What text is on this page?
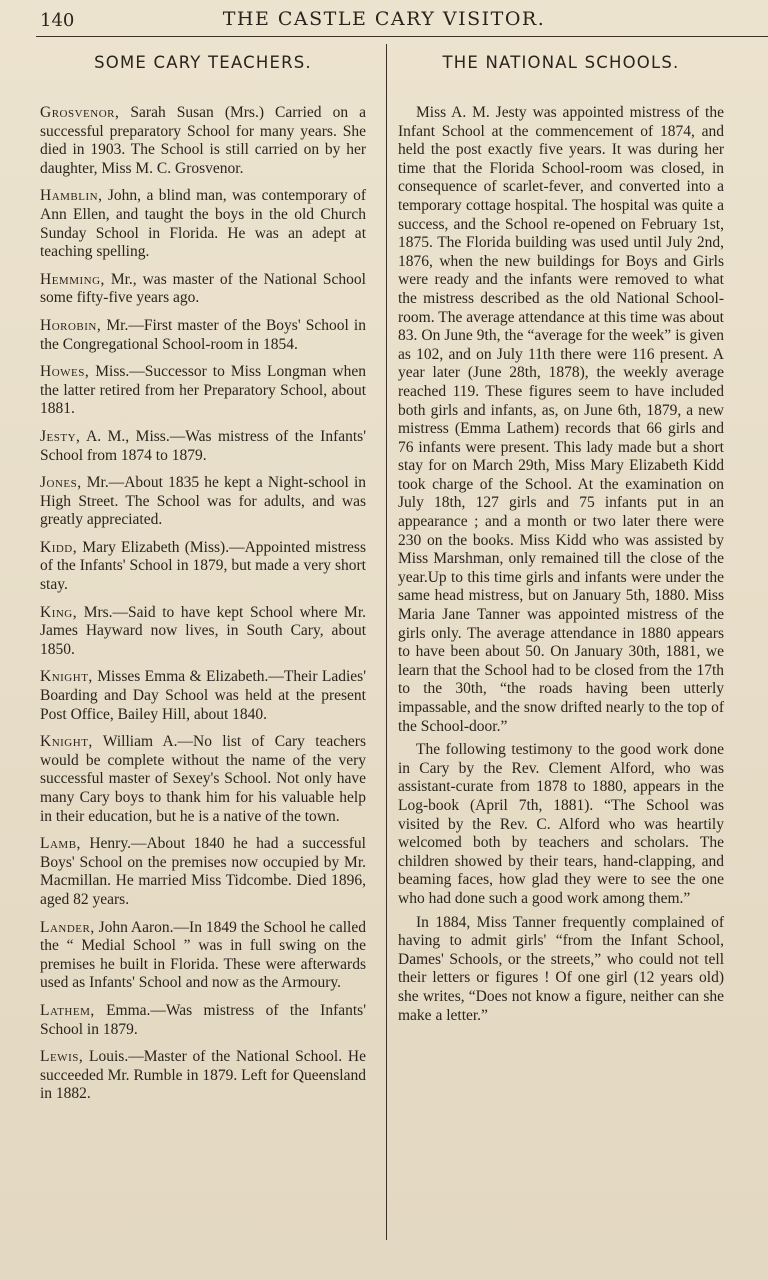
140	THE CASTLE CARY VISITOR.
SOME CARY TEACHERS.

Grosvenor, Sarah Susan (Mrs.) Carried on a successful preparatory School for many years. She died in 1903. The School is still carried on by her daughter, Miss M. C. Grosvenor.

Hamblin, John, a blind man, was contemporary of Ann Ellen, and taught the boys in the old Church Sunday School in Florida. He was an adept at teaching spelling.

Hemming, Mr., was master of the National School some fifty-five years ago.

Horobin, Mr.—First master of the Boys' School in the Congregational School-room in 1854.

Howes, Miss.—Successor to Miss Longman when the latter retired from her Preparatory School, about 1881.

Jesty, A. M., Miss.—Was mistress of the Infants' School from 1874 to 1879.

Jones, Mr.—About 1835 he kept a Night-school in High Street. The School was for adults, and was greatly appreciated.

Kidd, Mary Elizabeth (Miss).—Appointed mistress of the Infants' School in 1879, but made a very short stay.

King, Mrs.—Said to have kept School where Mr. James Hayward now lives, in South Cary, about 1850.

Knight, Misses Emma & Elizabeth.—Their Ladies' Boarding and Day School was held at the present Post Office, Bailey Hill, about 1840.

Knight, William A.—No list of Cary teachers would be complete without the name of the very successful master of Sexey's School. Not only have many Cary boys to thank him for his valuable help in their education, but he is a native of the town.

Lamb, Henry.—About 1840 he had a successful Boys' School on the premises now occupied by Mr. Macmillan. He married Miss Tidcombe. Died 1896, aged 82 years.

Lander, John Aaron.—In 1849 the School he called the “ Medial School ” was in full swing on the premises he built in Florida. These were afterwards used as Infants' School and now as the Armoury.

Lathem, Emma.—Was mistress of the Infants' School in 1879.

Lewis, Louis.—Master of the National School. He succeeded Mr. Rumble in 1879. Left for Queensland in 1882.

THE NATIONAL SCHOOLS.

Miss A. M. Jesty was appointed mistress of the Infant School at the commencement of 1874, and held the post exactly five years. It was during her time that the Florida School-room was closed, in consequence of scarlet-fever, and converted into a temporary cottage hospital. The hospital was quite a success, and the School re-opened on February 1st, 1875. The Florida building was used until July 2nd, 1876, when the new buildings for Boys and Girls were ready and the infants were removed to what the mistress described as the old National School-room. The average attendance at this time was about 83. On June 9th, the “average for the week” is given as 102, and on July 11th there were 116 present. A year later (June 28th, 1878), the weekly average reached 119. These figures seem to have included both girls and infants, as, on June 6th, 1879, a new mistress (Emma Lathem) records that 66 girls and 76 infants were present. This lady made but a short stay for on March 29th, Miss Mary Elizabeth Kidd took charge of the School. At the examination on July 18th, 127 girls and 75 infants put in an appearance ; and a month or two later there were 230 on the books. Miss Kidd who was assisted by Miss Marshman, only remained till the close of the year.Up to this time girls and infants were under the same head mistress, but on January 5th, 1880. Miss Maria Jane Tanner was appointed mistress of the girls only. The average attendance in 1880 appears to have been about 50. On January 30th, 1881, we learn that the School had to be closed from the 17th to the 30th, “the roads having been utterly impassable, and the snow drifted nearly to the top of the School-door.”

The following testimony to the good work done in Cary by the Rev. Clement Alford, who was assistant-curate from 1878 to 1880, appears in the Log-book (April 7th, 1881). “The School was visited by the Rev. C. Alford who was heartily welcomed both by teachers and scholars. The children showed by their tears, hand-clapping, and beaming faces, how glad they were to see the one who had done such a good work among them.”

In 1884, Miss Tanner frequently complained of having to admit girls' “from the Infant School, Dames' Schools, or the streets,” who could not tell their letters or figures ! Of one girl (12 years old) she writes, “Does not know a figure, neither can she make a letter.”
